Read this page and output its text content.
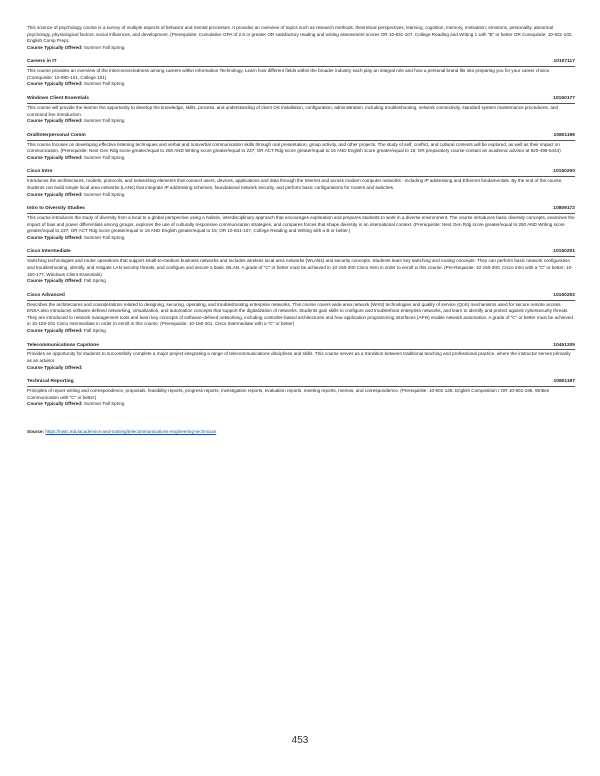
This science of psychology course is a survey of multiple aspects of behavior and mental processes. It provides an overview of topics such as research methods, theoretical perspectives, learning, cognition, memory, motivation, emotions, personality, abnormal psychology, physiological factors, social influences, and development. (Prerequisite: Cumulative GPA of 2.6 or greater OR satisfactory reading and writing assessment scores OR 10-831-107, College Reading and Writing 1 with "B" or better OR Corequisite: 10-831-102, English Comp Prep).
Course Typically Offered: Summer Fall Spring
Careers in IT	10107117
This course provides an overview of the interconnectedness among careers within Information Technology. Learn how different fields within the broader industry each play an integral role and how a personal brand fits into preparing you for your career choice. (Corequisite: 10-890-101, College 101)
Course Typically Offered: Summer Fall Spring
Windows Client Essentials	10150177
This course will provide the learner the opportunity to develop the knowledge, skills, process, and understanding of client OS installation, configuration, administration, including troubleshooting, network connectivity, standard system maintenance procedures, and command line introduction.
Course Typically Offered: Summer Fall Spring
Oral/Interpersonal Comm	10801196
This course focuses on developing effective listening techniques and verbal and nonverbal communication skills through oral presentation, group activity, and other projects. The study of self, conflict, and cultural contexts will be explored, as well as their impact on communication. (Prerequisite: Next Gen Rdg score greater/equal to 250 AND Writing score greater/equal to 237; OR ACT Rdg score greater/equal to 16 AND English score greater/equal to 18; OR preparatory course-contact an academic advisor at 920-498-5444)
Course Typically Offered: Summer Fall Spring
Cisco Intro	10150200
Introduces the architectures, models, protocols, and networking elements that connect users, devices, applications and data through the Internet and across modern computer networks - including IP addressing and Ethernet fundamentals. By the end of the course, students can build simple local area networks (LANs) that integrate IP addressing schemes, foundational network security, and perform basic configurations for routers and switches.
Course Typically Offered: Summer Fall Spring
Intro to Diversity Studies	10809172
This course introduces the study of diversity from a local to a global perspective using a holistic, interdisciplinary approach that encourages exploration and prepares students to work in a diverse environment. The course introduces basic diversity concepts, examines the impact of bias and power differentials among groups, explores the use of culturally responsive communication strategies, and compares forces that shape diversity in an international context. (Prerequisite: Next Gen Rdg score greater/equal to 250 AND Writing score greater/equal to 237; OR ACT Rdg score greater/equal to 16 AND English greater/equal to 15; OR 10-831-107, College Reading and Writing with a B or better.)
Course Typically Offered: Summer Fall Spring
Cisco Intermediate	10150201
Switching technologies and router operations that support small-to-medium business networks and includes wireless local area networks (WLANs) and security concepts. Students learn key switching and routing concepts. They can perform basic network configuration and troubleshooting, identify, and mitigate LAN security threats, and configure and secure a basic WLAN. A grade of "C" or better must be achieved in 10-150-200 Cisco Intro in order to enroll in this course. (Pre-Requisite: 10-150-200, Cisco Intro with a "C" or better; 10-150-177, Windows Client Essentials)
Course Typically Offered: Fall Spring
Cisco Advanced	10150202
Describes the architectures and considerations related to designing, securing, operating, and troubleshooting enterprise networks. This course covers wide area network (WAN) technologies and quality of service (QoS) mechanisms used for secure remote access. ENSA also introduces software-defined networking, virtualization, and automation concepts that support the digitalization of networks. Students gain skills to configure and troubleshoot enterprise networks, and learn to identify and protect against cybersecurity threats. They are introduced to network management tools and learn key concepts of software-defined networking, including controller-based architectures and how application programming interfaces (APIs) enable network automation. A grade of "C" or better must be achieved in 10-150-201 Cisco Intermediate in order to enroll in this course. (Prerequisite: 10-150-201, Cisco Intermediate with a "C" or better)
Course Typically Offered: Fall Spring
Telecommunications Capstone	10451205
Provides an opportunity for students to successfully complete a major project integrating a range of telecommunications disciplines and skills. This course serves as a transition between traditional teaching and professional practice, where the instructor serves primarily as an advisor.
Course Typically Offered:
Technical Reporting	10801197
Principles of report writing and correspondence, proposals, feasibility reports, progress reports, investigation reports, evaluation reports, meeting reports, memos, and correspondence. (Prerequisite: 10-801-136, English Composition I OR 10-801-195, Written Communication with "C" or better)
Course Typically Offered: Summer Fall Spring
Source: https://nwtc.edu/academics-and-training/telecommunications-engineering-technician
453
